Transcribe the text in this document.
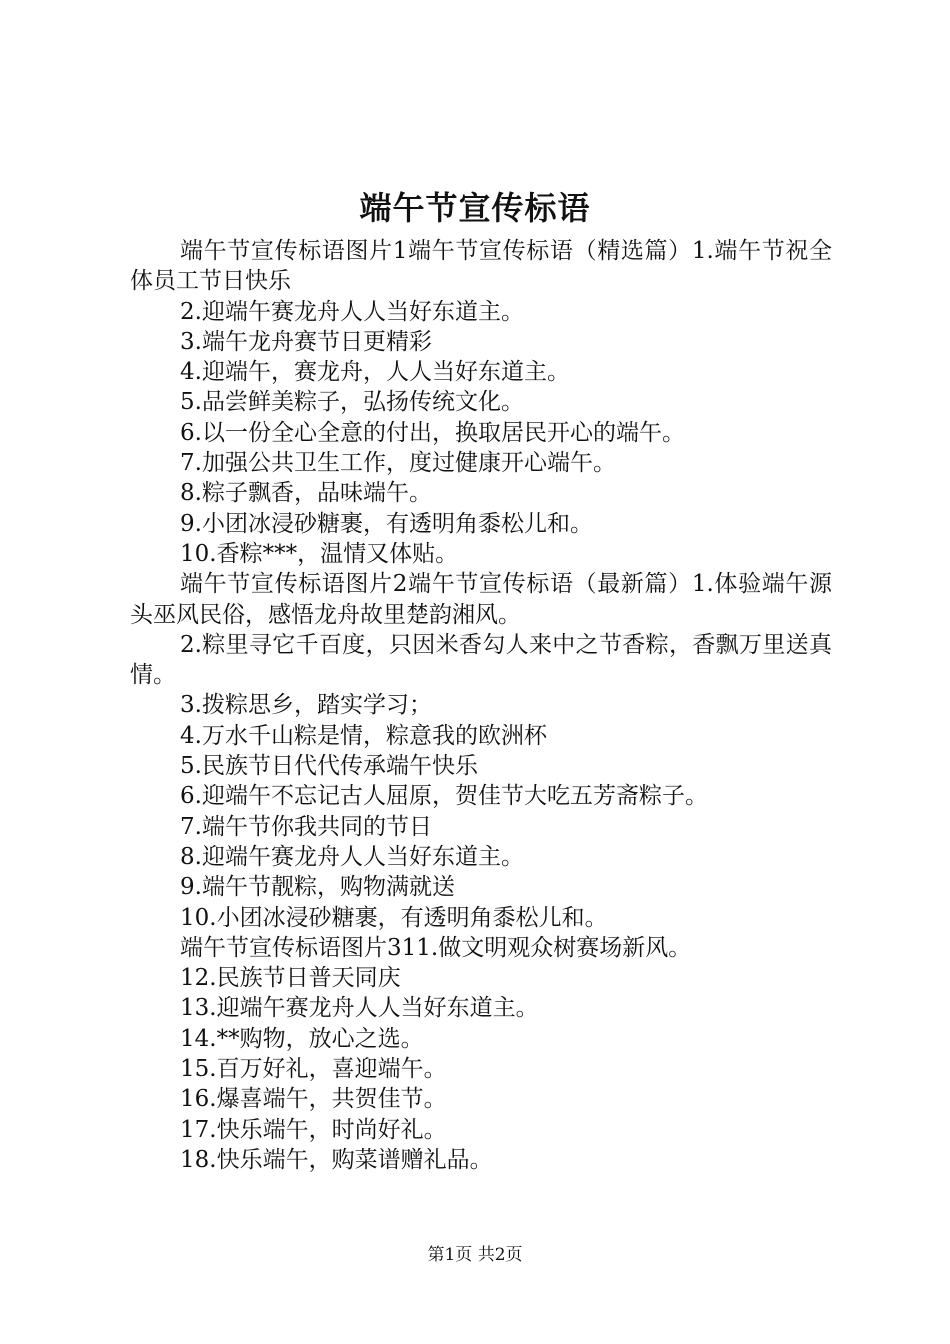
端午节宣传标语

端午节宣传标语图片1端午节宣传标语（精选篇）1.端午节祝全体员工节日快乐

2.迎端午赛龙舟人人当好东道主。

3.端午龙舟赛节日更精彩

4.迎端午，赛龙舟，人人当好东道主。

5.品尝鲜美粽子，弘扬传统文化。

6.以一份全心全意的付出，换取居民开心的端午。

7.加强公共卫生工作，度过健康开心端午。

8.粽子飘香，品味端午。

9.小团冰浸砂糖裹，有透明角黍松儿和。

10.香粽***，温情又体贴。

端午节宣传标语图片2端午节宣传标语（最新篇）1.体验端午源头巫风民俗，感悟龙舟故里楚韵湘风。

2.粽里寻它千百度，只因米香勾人来中之节香粽，香飘万里送真情。

3.拨粽思乡，踏实学习；

4.万水千山粽是情，粽意我的欧洲杯

5.民族节日代代传承端午快乐

6.迎端午不忘记古人屈原，贺佳节大吃五芳斋粽子。

7.端午节你我共同的节日

8.迎端午赛龙舟人人当好东道主。

9.端午节靓粽，购物满就送

10.小团冰浸砂糖裹，有透明角黍松儿和。

端午节宣传标语图片311.做文明观众树赛场新风。

12.民族节日普天同庆

13.迎端午赛龙舟人人当好东道主。

14.**购物，放心之选。

15.百万好礼，喜迎端午。

16.爆喜端午，共贺佳节。

17.快乐端午，时尚好礼。

18.快乐端午，购菜谱赠礼品。

第1页 共2页
